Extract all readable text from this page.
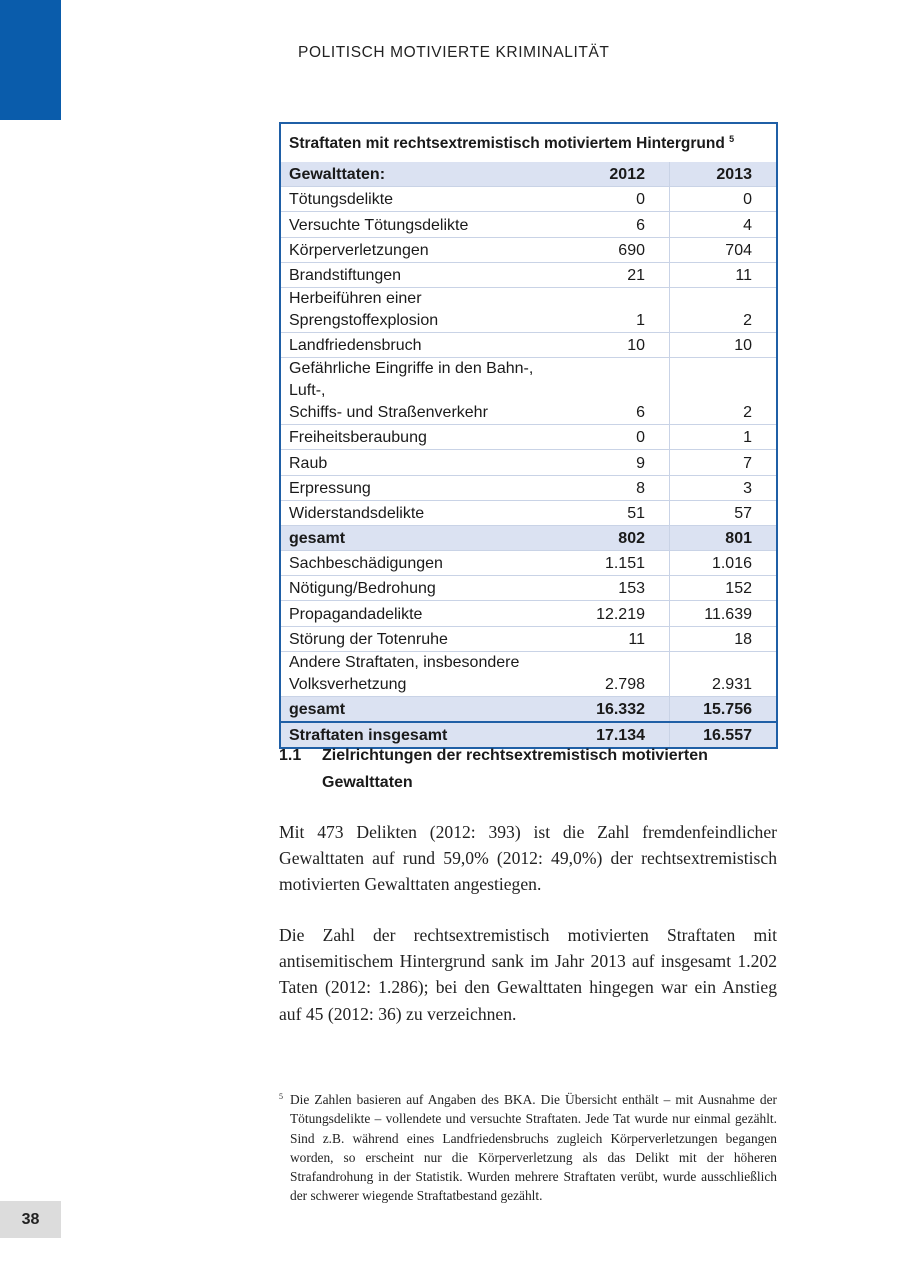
POLITISCH MOTIVIERTE KRIMINALITÄT
Straftaten mit rechtsextremistisch motiviertem Hintergrund $^5$
Gewalttaten:	2012	2013
Tötungsdelikte	0	0
Versuchte Tötungsdelikte	6	4
Körperverletzungen	690	704
Brandstiftungen	21	11
Herbeiführen einer Sprengstoffexplosion	1	2
Landfriedensbruch	10	10
Gefährliche Eingriffe in den Bahn-, Luft-,
Schiffs- und Straßenverkehr	6	2
Freiheitsberaubung	0	1
Raub	9	7
Erpressung	8	3
Widerstandsdelikte	51	57
gesamt	802	801
Sachbeschädigungen	1.151	1.016
Nötigung/Bedrohung	153	152
Propagandadelikte	12.219	11.639
Störung der Totenruhe	11	18
Andere Straftaten, insbesondere
Volksverhetzung	2.798	2.931
gesamt	16.332	15.756
Straftaten insgesamt	17.134	16.557
1.1 Zielrichtungen der rechtsextremistisch motivierten Gewalttaten

Mit 473 Delikten (2012: 393) ist die Zahl fremdenfeindlicher Gewalttaten auf rund 59,0% (2012: 49,0%) der rechtsextremistisch motivierten Gewalttaten angestiegen.

Die Zahl der rechtsextremistisch motivierten Straftaten mit antisemitischem Hintergrund sank im Jahr 2013 auf insgesamt 1.202 Taten (2012: 1.286); bei den Gewalttaten hingegen war ein Anstieg auf 45 (2012: 36) zu verzeichnen.

5 Die Zahlen basieren auf Angaben des BKA. Die Übersicht enthält – mit Ausnahme der Tötungsdelikte – vollendete und versuchte Straftaten. Jede Tat wurde nur einmal gezählt. Sind z.B. während eines Landfriedensbruchs zugleich Körperverletzungen begangen worden, so erscheint nur die Körperverletzung als das Delikt mit der höheren Strafandrohung in der Statistik. Wurden mehrere Straftaten verübt, wurde ausschließlich der schwerer wiegende Straftatbestand gezählt.
38
